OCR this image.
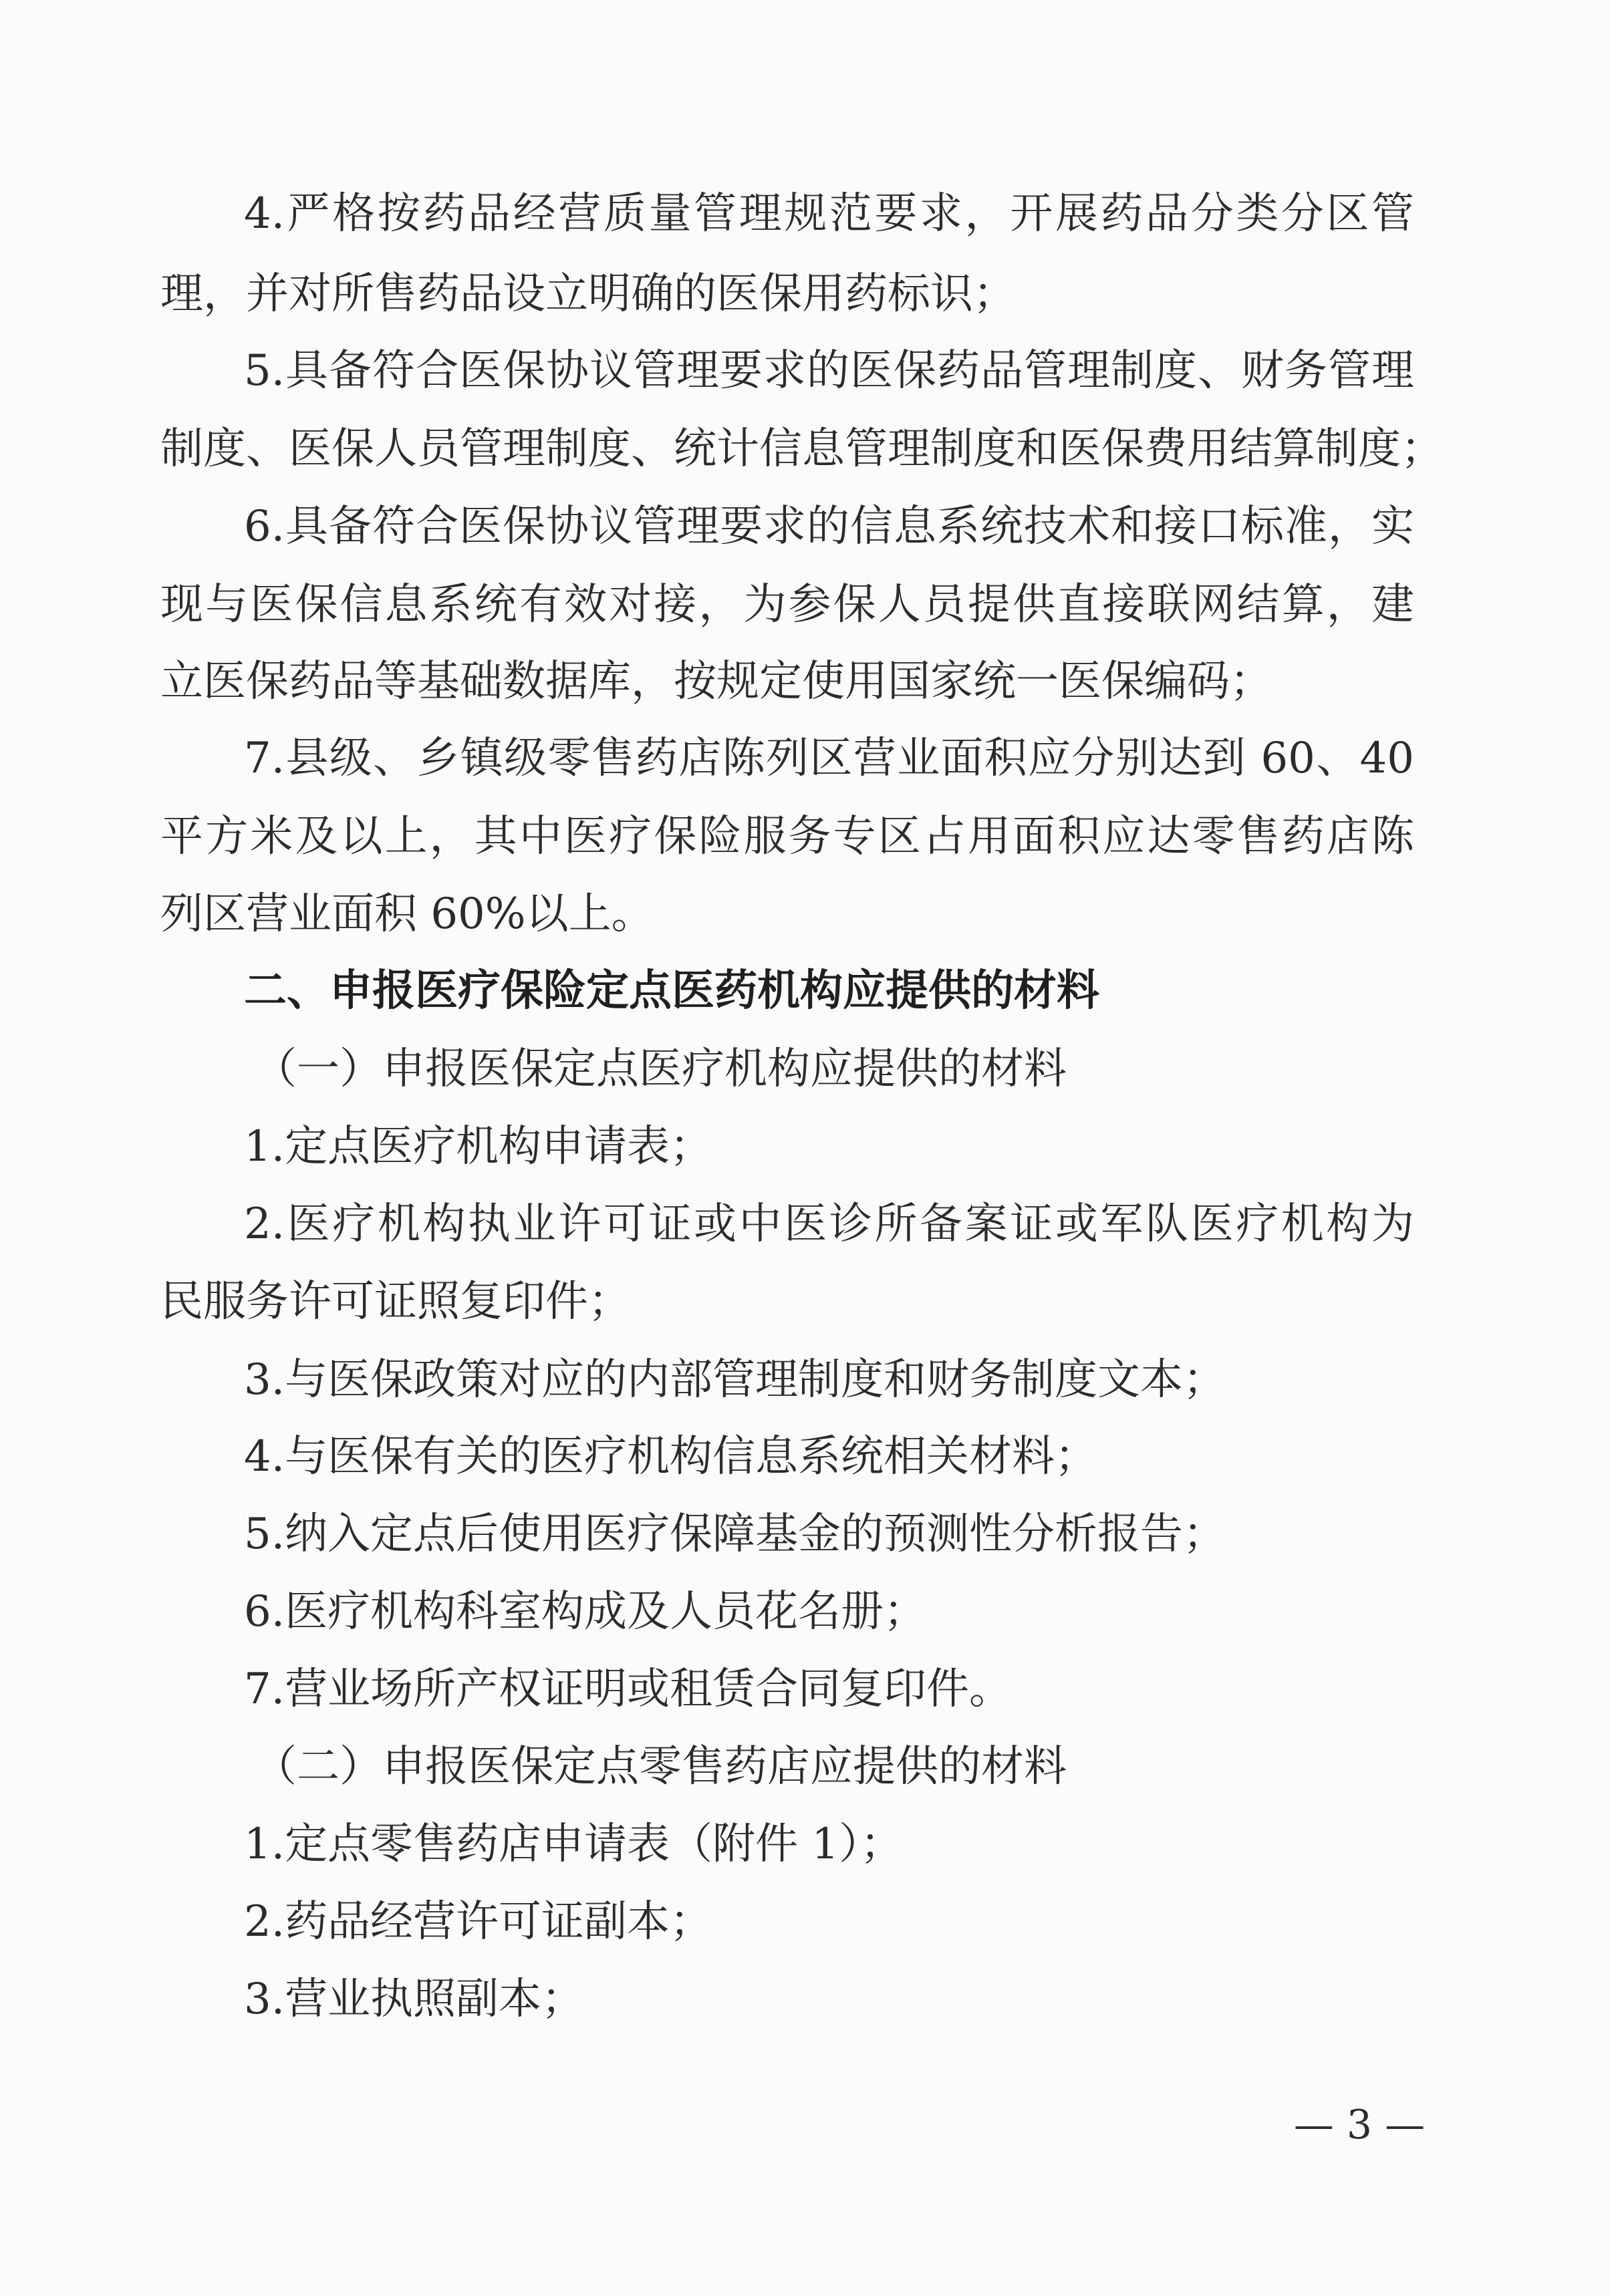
4.严格按药品经营质量管理规范要求，开展药品分类分区管
理，并对所售药品设立明确的医保用药标识；
5.具备符合医保协议管理要求的医保药品管理制度、财务管理
制度、医保人员管理制度、统计信息管理制度和医保费用结算制度；
6.具备符合医保协议管理要求的信息系统技术和接口标准，实
现与医保信息系统有效对接，为参保人员提供直接联网结算，建
立医保药品等基础数据库，按规定使用国家统一医保编码；
7.县级、乡镇级零售药店陈列区营业面积应分别达到 60、40
平方米及以上，其中医疗保险服务专区占用面积应达零售药店陈
列区营业面积 60%以上。
二、申报医疗保险定点医药机构应提供的材料
（一）申报医保定点医疗机构应提供的材料
1.定点医疗机构申请表；
2.医疗机构执业许可证或中医诊所备案证或军队医疗机构为
民服务许可证照复印件；
3.与医保政策对应的内部管理制度和财务制度文本；
4.与医保有关的医疗机构信息系统相关材料；
5.纳入定点后使用医疗保障基金的预测性分析报告；
6.医疗机构科室构成及人员花名册；
7.营业场所产权证明或租赁合同复印件。
（二）申报医保定点零售药店应提供的材料
1.定点零售药店申请表（附件 1）；
2.药品经营许可证副本；
3.营业执照副本；
— 3 —
